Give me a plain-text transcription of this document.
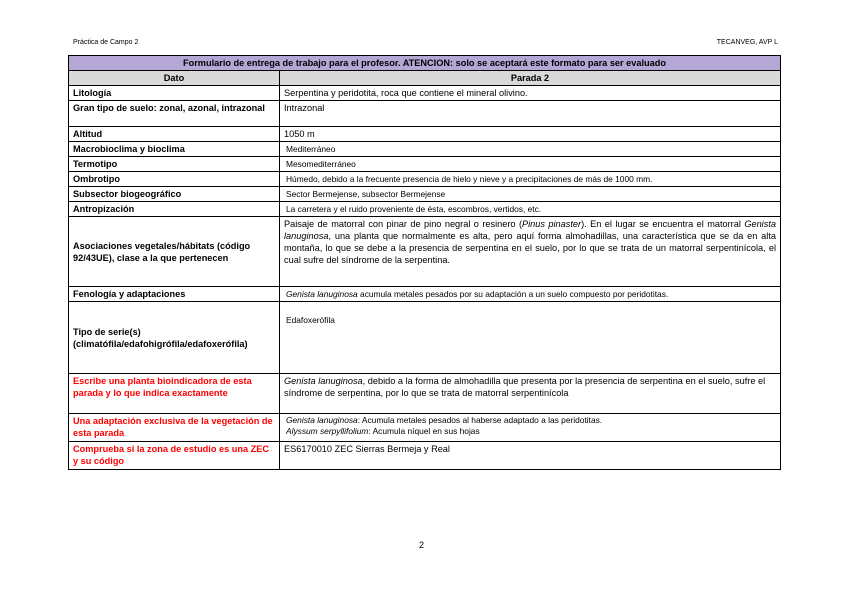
Práctica de Campo 2	TECANVEG, AVP L
Formulario de entrega de trabajo para el profesor. ATENCION: solo se aceptará este formato para ser evaluado	
Dato	Parada 2
Litología	Serpentina y peridotita, roca que contiene el mineral olivino.
Gran tipo de suelo: zonal, azonal, intrazonal	Intrazonal
Altitud	1050 m
Macrobioclima y bioclima	Mediterráneo
Termotipo	Mesomediterráneo
Ombrotipo	Húmedo, debido a la frecuente presencia de hielo y nieve y a precipitaciones de más de 1000 mm.
Subsector biogeográfico	Sector Bermejense, subsector Bermejense
Antropización	La carretera y el ruido proveniente de ésta, escombros, vertidos, etc.
Asociaciones vegetales/hábitats (código 92/43UE), clase a la que pertenecen	Paisaje de matorral con pinar de pino negral o resinero (Pinus pinaster). En el lugar se encuentra el matorral Genista lanuginosa, una planta que normalmente es alta, pero aquí forma almohadillas, una característica que se da en alta montaña, lo que se debe a la presencia de serpentina en el suelo, por lo que se trata de un matorral serpentinícola, el cual sufre del síndrome de la serpentina.
Fenología y adaptaciones	Genista lanuginosa acumula metales pesados por su adaptación a un suelo compuesto por peridotitas.
Tipo de serie(s) (climatófila/edafohigrófila/edafoxerófila)	Edafoxerófila
Escribe una planta bioindicadora de esta parada y lo que indica exactamente	Genista lanuginosa, debido a la forma de almohadilla que presenta por la presencia de serpentina en el suelo, sufre el síndrome de serpentina, por lo que se trata de matorral serpentinícola
Una adaptación exclusiva de la vegetación de esta parada	Genista lanuginosa: Acumula metales pesados al haberse adaptado a las peridotitas.
Alyssum serpyllifolium: Acumula níquel en sus hojas
Comprueba si la zona de estudio es una ZEC y su código	ES6170010 ZEC Sierras Bermeja y Real
2
